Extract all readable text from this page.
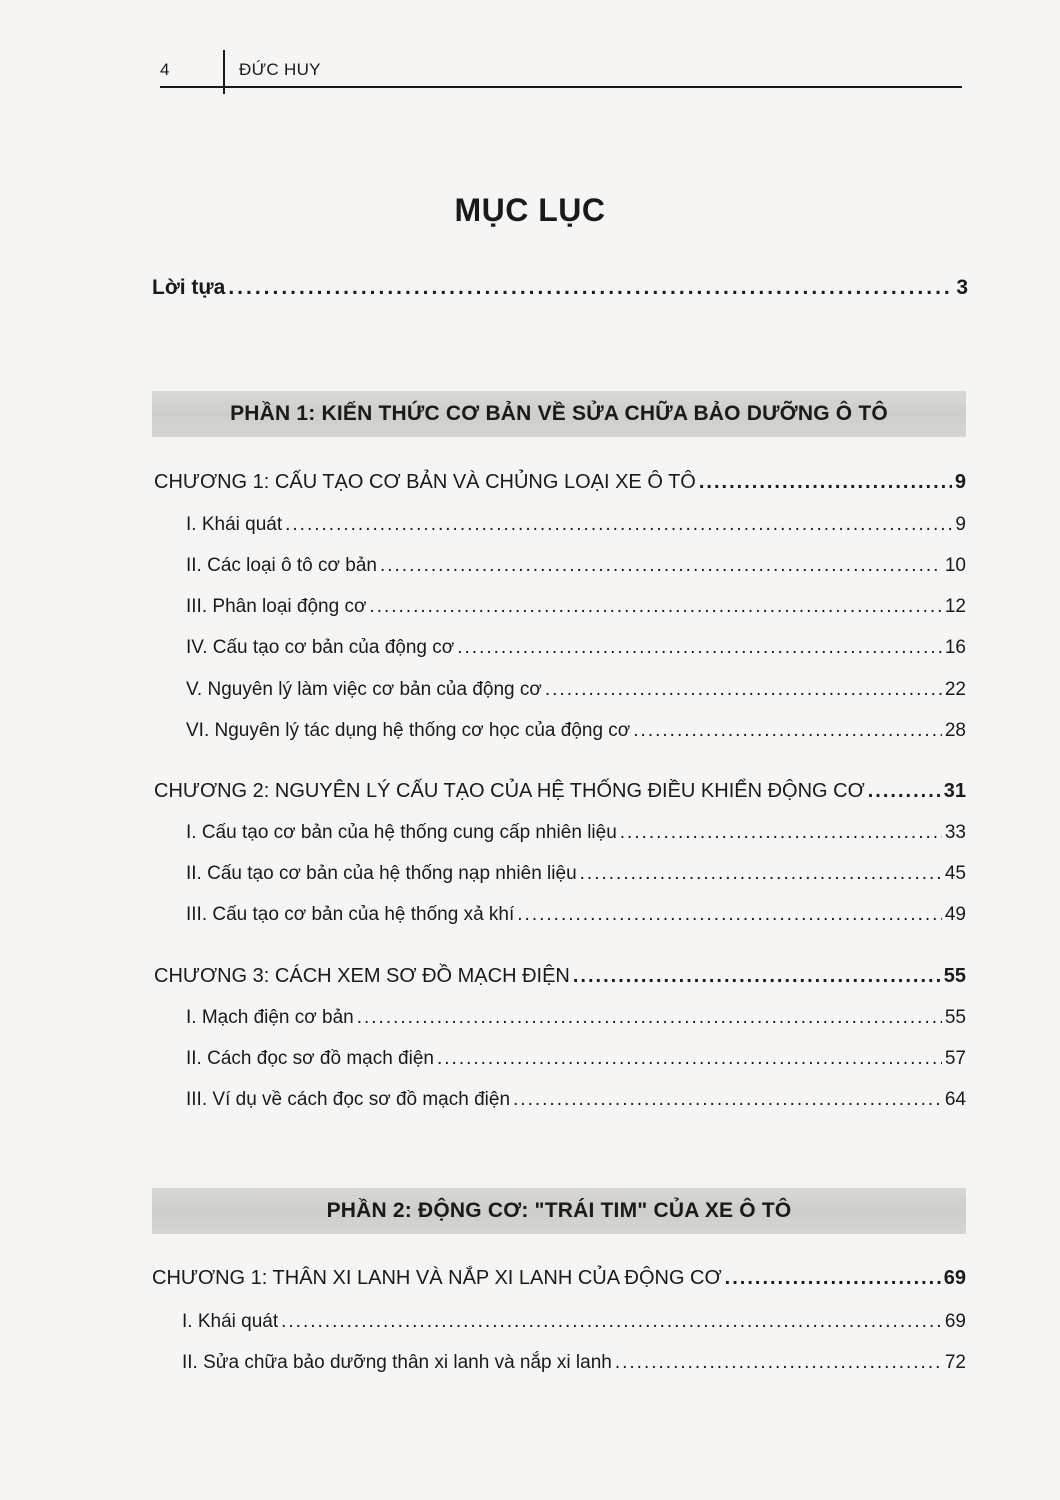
4	ĐỨC HUY
MỤC LỤC
Lời tựa .....	3
PHẦN 1: KIẾN THỨC CƠ BẢN VỀ SỬA CHỮA BẢO DƯỠNG Ô TÔ
CHƯƠNG 1: CẤU TẠO CƠ BẢN VÀ CHỦNG LOẠI XE Ô TÔ .....	9
I. Khái quát .....	9
II. Các loại ô tô cơ bản .....	10
III. Phân loại động cơ .....	12
IV. Cấu tạo cơ bản của động cơ .....	16
V. Nguyên lý làm việc cơ bản của động cơ .....	22
VI. Nguyên lý tác dụng hệ thống cơ học của động cơ .....	28
CHƯƠNG 2: NGUYÊN LÝ CẤU TẠO CỦA HỆ THỐNG ĐIỀU KHIỂN ĐỘNG CƠ .....	31
I. Cấu tạo cơ bản của hệ thống cung cấp nhiên liệu .....	33
II. Cấu tạo cơ bản của hệ thống nạp nhiên liệu .....	45
III. Cấu tạo cơ bản của hệ thống xả khí .....	49
CHƯƠNG 3: CÁCH XEM SƠ ĐỒ MẠCH ĐIỆN .....	55
I. Mạch điện cơ bản .....	55
II. Cách đọc sơ đồ mạch điện .....	57
III. Ví dụ về cách đọc sơ đồ mạch điện .....	64
PHẦN 2: ĐỘNG CƠ: "TRÁI TIM" CỦA XE Ô TÔ
CHƯƠNG 1: THÂN XI LANH VÀ NẮP XI LANH CỦA ĐỘNG CƠ .....	69
I. Khái quát .....	69
II. Sửa chữa bảo dưỡng thân xi lanh và nắp xi lanh .....	72
